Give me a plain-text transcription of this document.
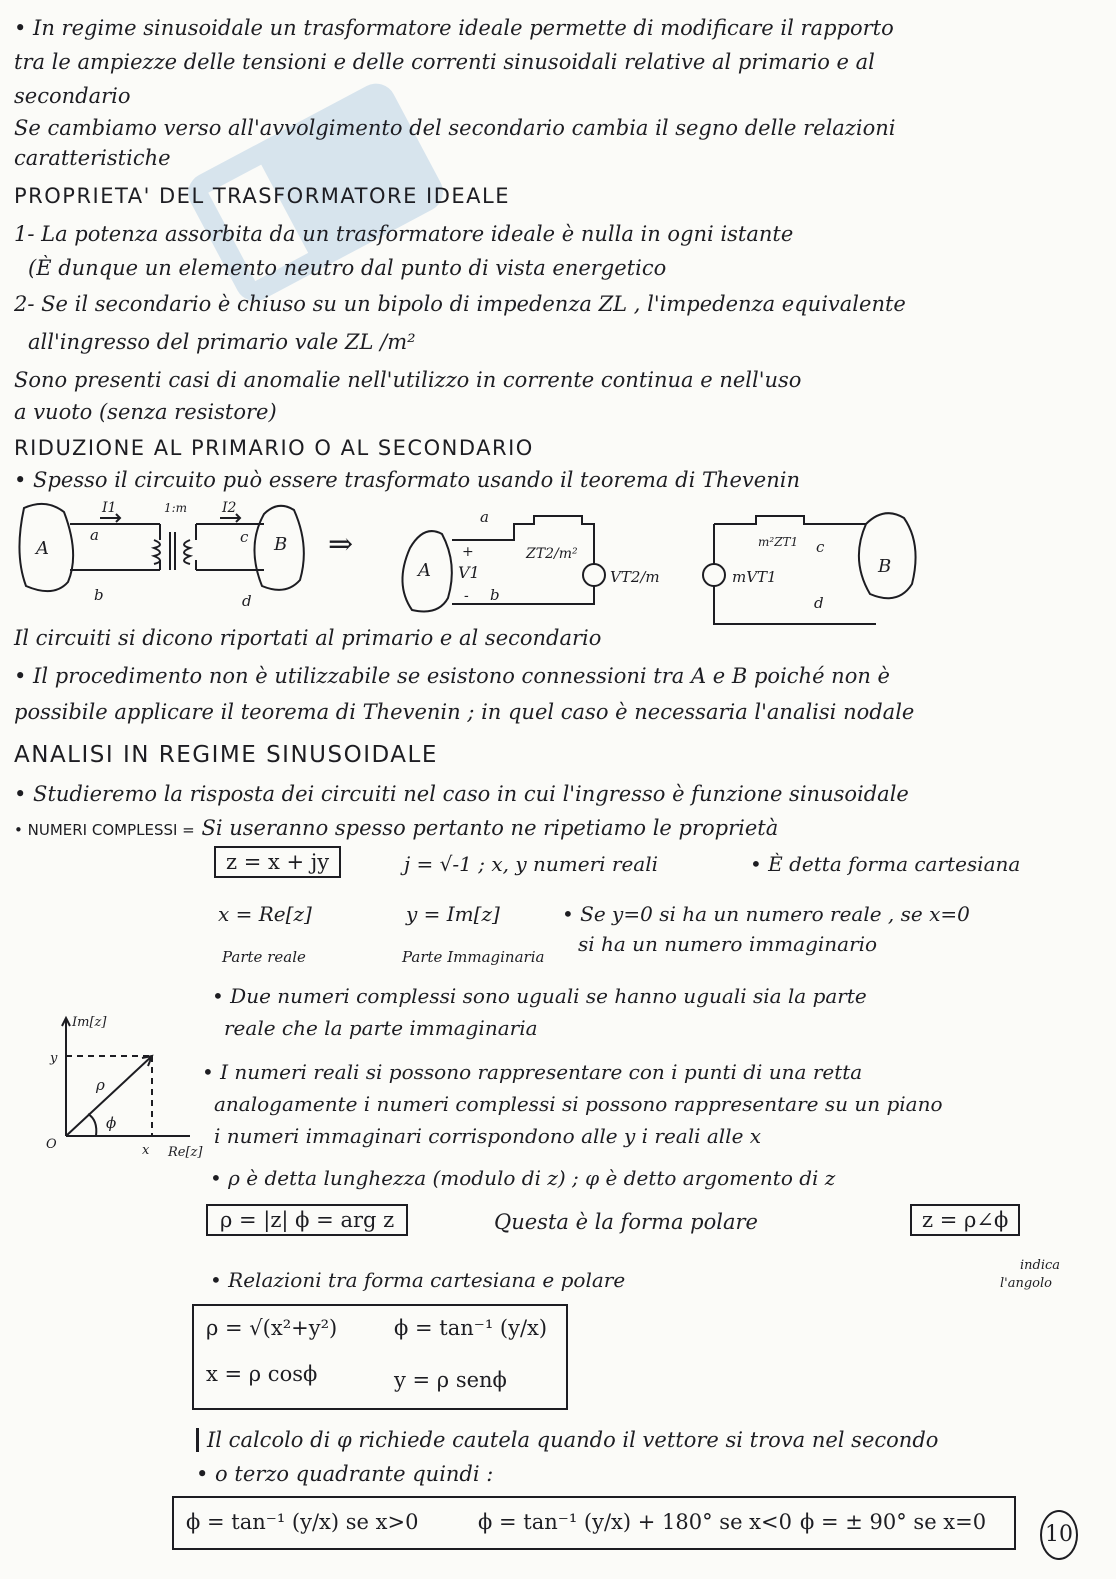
• In regime sinusoidale un trasformatore ideale permette di modificare il rapporto
tra le ampiezze delle tensioni e delle correnti sinusoidali relative al primario e al
secondario
Se cambiamo verso all'avvolgimento del secondario cambia il segno delle relazioni
caratteristiche
PROPRIETA' DEL TRASFORMATORE IDEALE
1- La potenza assorbita da un trasformatore ideale è nulla in ogni istante
(È dunque un elemento neutro dal punto di vista energetico
2- Se il secondario è chiuso su un bipolo di impedenza ZL , l'impedenza equivalente
all'ingresso del primario vale ZL /m²
Sono presenti casi di anomalie nell'utilizzo in corrente continua e nell'uso
a vuoto (senza resistore)
RIDUZIONE AL PRIMARIO O AL SECONDARIO
• Spesso il circuito può essere trasformato usando il teorema di Thevenin
A	B
I1	I2
1:m
a
b
c
d
⇒
A
a
+
V1
- b
ZT2/m²
VT2/m
m²ZT1 c
mVT1
d
B
Il circuiti si dicono riportati al primario e al secondario
• Il procedimento non è utilizzabile se esistono connessioni tra A e B poiché non è
possibile applicare il teorema di Thevenin ; in quel caso è necessaria l'analisi nodale
ANALISI IN REGIME SINUSOIDALE
• Studieremo la risposta dei circuiti nel caso in cui l'ingresso è funzione sinusoidale
• NUMERI COMPLESSI = Si useranno spesso pertanto ne ripetiamo le proprietà
z = x + jy	j = √-1 ; x, y numeri reali	• È detta forma cartesiana
x = Re[z]	y = Im[z]
Parte reale	Parte Immaginaria
• Se y=0 si ha un numero reale , se x=0
si ha un numero immaginario
• Due numeri complessi sono uguali se hanno uguali sia la parte
reale che la parte immaginaria
• I numeri reali si possono rappresentare con i punti di una retta
analogamente i numeri complessi si possono rappresentare su un piano
i numeri immaginari corrispondono alle y i reali alle x
Im[z]
y
O	x Re[z]
ρ
ϕ
• ρ è detta lunghezza (modulo di z) ; φ è detto argomento di z
ρ = |z| ϕ = arg z	Questa è la forma polare	z = ρ∠ϕ
indica
l'angolo
• Relazioni tra forma cartesiana e polare
ρ = √(x²+y²)	ϕ = tan⁻¹ (y/x)
x = ρ cosϕ	y = ρ senϕ
Il calcolo di φ richiede cautela quando il vettore si trova nel secondo
• o terzo quadrante quindi :
ϕ = tan⁻¹ (y/x) se x>0	ϕ = tan⁻¹ (y/x) + 180° se x<0 ϕ = ± 90° se x=0	10
